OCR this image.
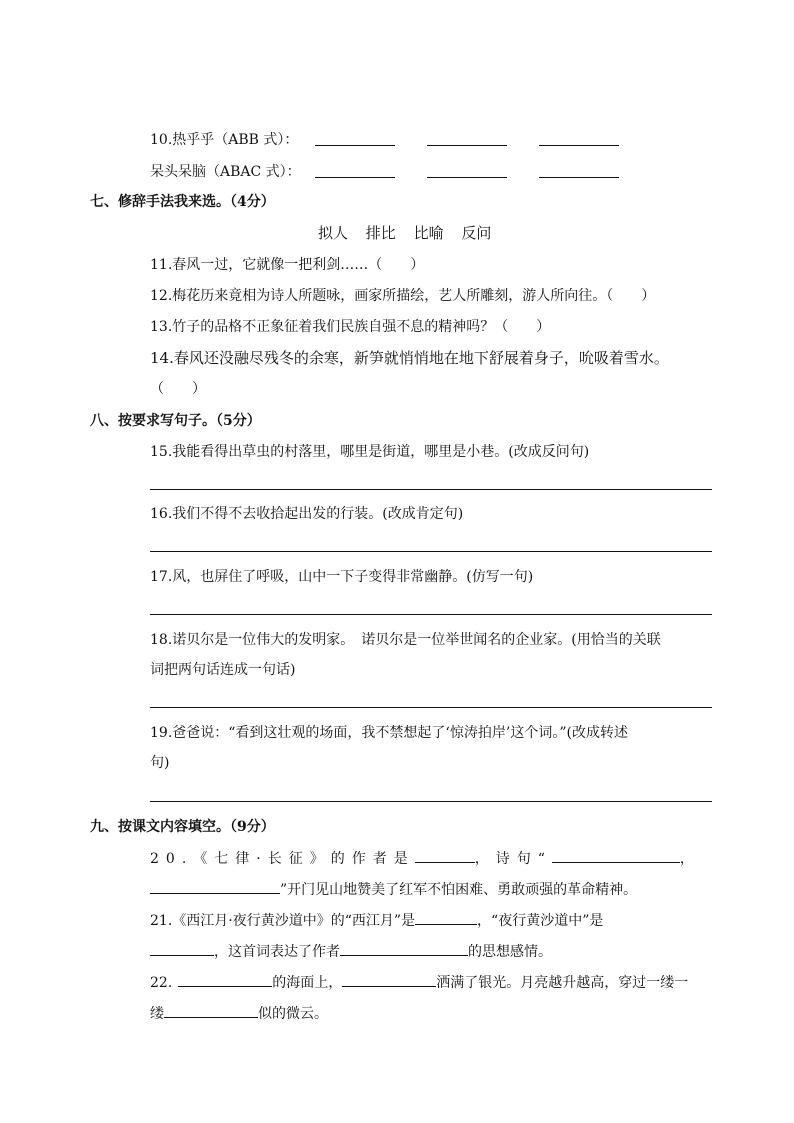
10.热乎乎（ABB 式）：
呆头呆脑（ABAC 式）：
七、修辞手法我来选。（4分）
拟人 排比 比喻 反问
11.春风一过，它就像一把利剑……（　　）
12.梅花历来竟相为诗人所题咏，画家所描绘，艺人所雕刻，游人所向往。（　　）
13.竹子的品格不正象征着我们民族自强不息的精神吗？（　　）
14.春风还没融尽残冬的余寒，新笋就悄悄地在地下舒展着身子，吮吸着雪水。
（　　）
八、按要求写句子。（5分）
15.我能看得出草虫的村落里，哪里是街道，哪里是小巷。(改成反问句)
16.我们不得不去收拾起出发的行装。(改成肯定句)
17.风，也屏住了呼吸，山中一下子变得非常幽静。(仿写一句)
18.诺贝尔是一位伟大的发明家。　诺贝尔是一位举世闻名的企业家。(用恰当的关联
词把两句话连成一句话)
19.爸爸说：“看到这壮观的场面，我不禁想起了‘惊涛拍岸’这个词。”(改成转述
句)
九、按课文内容填空。（9分）
20.《七律·长征》的作者是	，诗句“	，
”开门见山地赞美了红军不怕困难、勇敢顽强的革命精神。
21.《西江月·夜行黄沙道中》的“西江月”是	，“夜行黄沙道中”是
，这首词表达了作者	的思想感情。
22.	的海面上，	洒满了银光。月亮越升越高，穿过一缕一
缕	似的微云。
